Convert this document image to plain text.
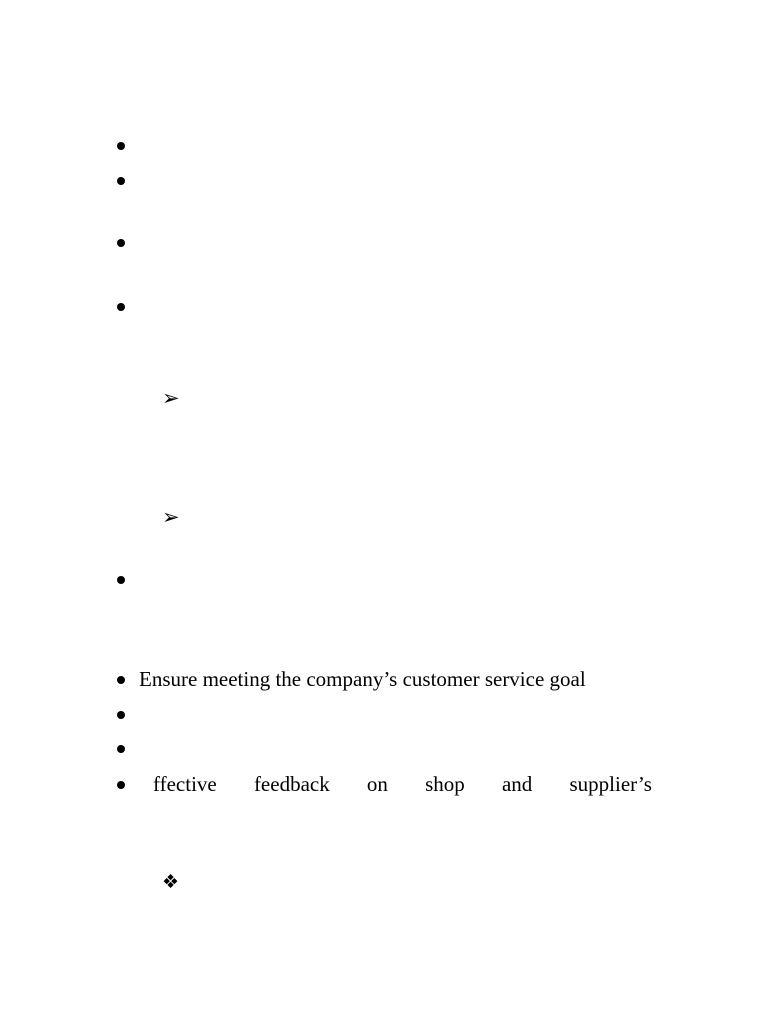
➢
➢
Ensure meeting the company’s customer service goal
ffective feedback on shop and supplier’s
❖
